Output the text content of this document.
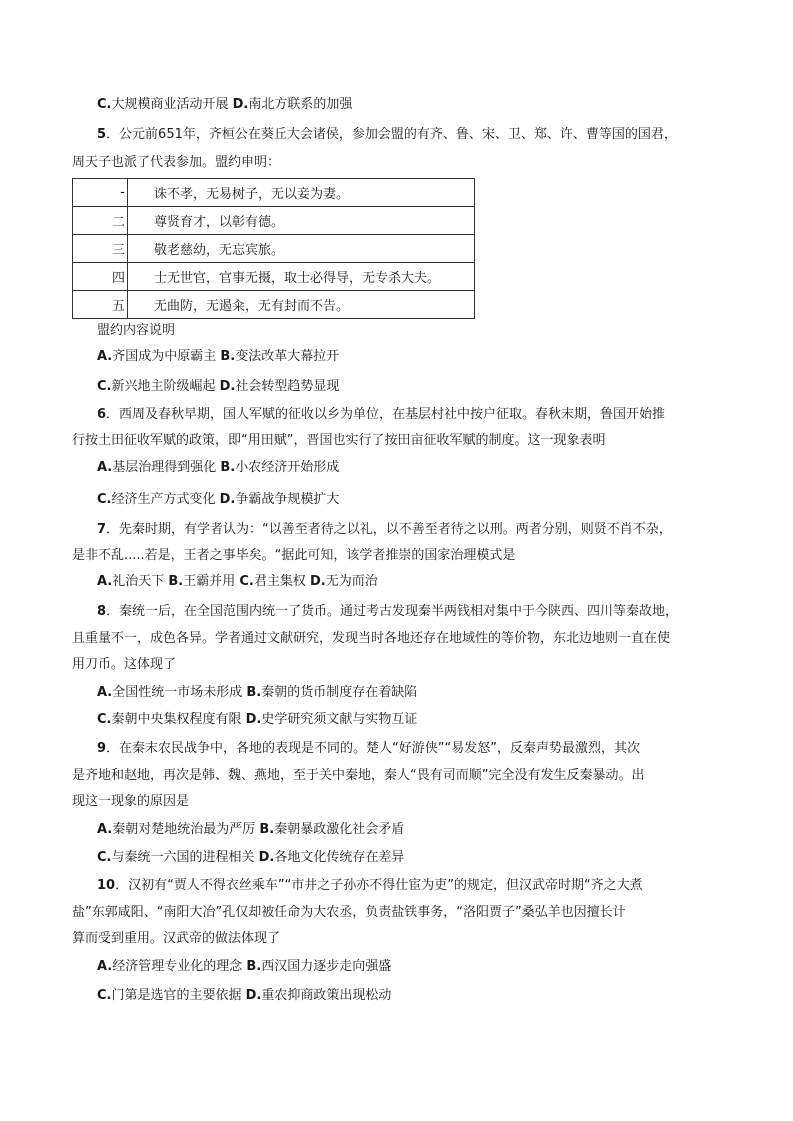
C.大规模商业活动开展 D.南北方联系的加强
5．公元前651年，齐桓公在葵丘大会诸侯，参加会盟的有齐、鲁、宋、卫、郑、许、曹等国的国君，
周天子也派了代表参加。盟约申明：
-	诛不孝，无易树子，无以妾为妻。
二	尊贤育才，以彰有德。
三	敬老慈幼，无忘宾旅。
四	士无世官，官事无摄，取士必得导，无专杀大夫。
五	无曲防，无遏籴，无有封而不告。
盟约内容说明
A.齐国成为中原霸主 B.变法改革大幕拉开
C.新兴地主阶级崛起 D.社会转型趋势显现
6．西周及春秋早期，国人军赋的征收以乡为单位，在基层村社中按户征取。春秋末期，鲁国开始推
行按土田征收军赋的政策，即“用田赋”，晋国也实行了按田亩征收军赋的制度。这一现象表明
A.基层治理得到强化 B.小农经济开始形成
C.经济生产方式变化 D.争霸战争规模扩大
7．先秦时期，有学者认为：“以善至者待之以礼，以不善至者待之以刑。两者分别，则贤不肖不杂，
是非不乱.....若是，王者之事毕矣。“据此可知，该学者推崇的国家治理模式是
A.礼治天下 B.王霸并用 C.君主集权 D.无为而治
8．秦统一后，在全国范围内统一了货币。通过考古发现秦半两钱相对集中于今陕西、四川等秦故地，
且重量不一，成色各异。学者通过文献研究，发现当时各地还存在地域性的等价物，东北边地则一直在使
用刀币。这体现了
A.全国性统一市场未形成 B.秦朝的货币制度存在着缺陷
C.秦朝中央集权程度有限 D.史学研究须文献与实物互证
9．在秦末农民战争中，各地的表现是不同的。楚人“好游侠”“易发怒”，反秦声势最激烈，其次
是齐地和赵地，再次是韩、魏、燕地，至于关中秦地，秦人“畏有司而顺”完全没有发生反秦暴动。出
现这一现象的原因是
A.秦朝对楚地统治最为严厉 B.秦朝暴政激化社会矛盾
C.与秦统一六国的进程相关 D.各地文化传统存在差异
10．汉初有“贾人不得衣丝乘车”“市井之子孙亦不得仕宦为吏”的规定，但汉武帝时期“齐之大煮
盐”东郭咸阳、“南阳大冶”孔仅却被任命为大农丞，负责盐铁事务，“洛阳贾子”桑弘羊也因擅长计
算而受到重用。汉武帝的做法体现了
A.经济管理专业化的理念 B.西汉国力逐步走向强盛
C.门第是选官的主要依据 D.重农抑商政策出现松动
